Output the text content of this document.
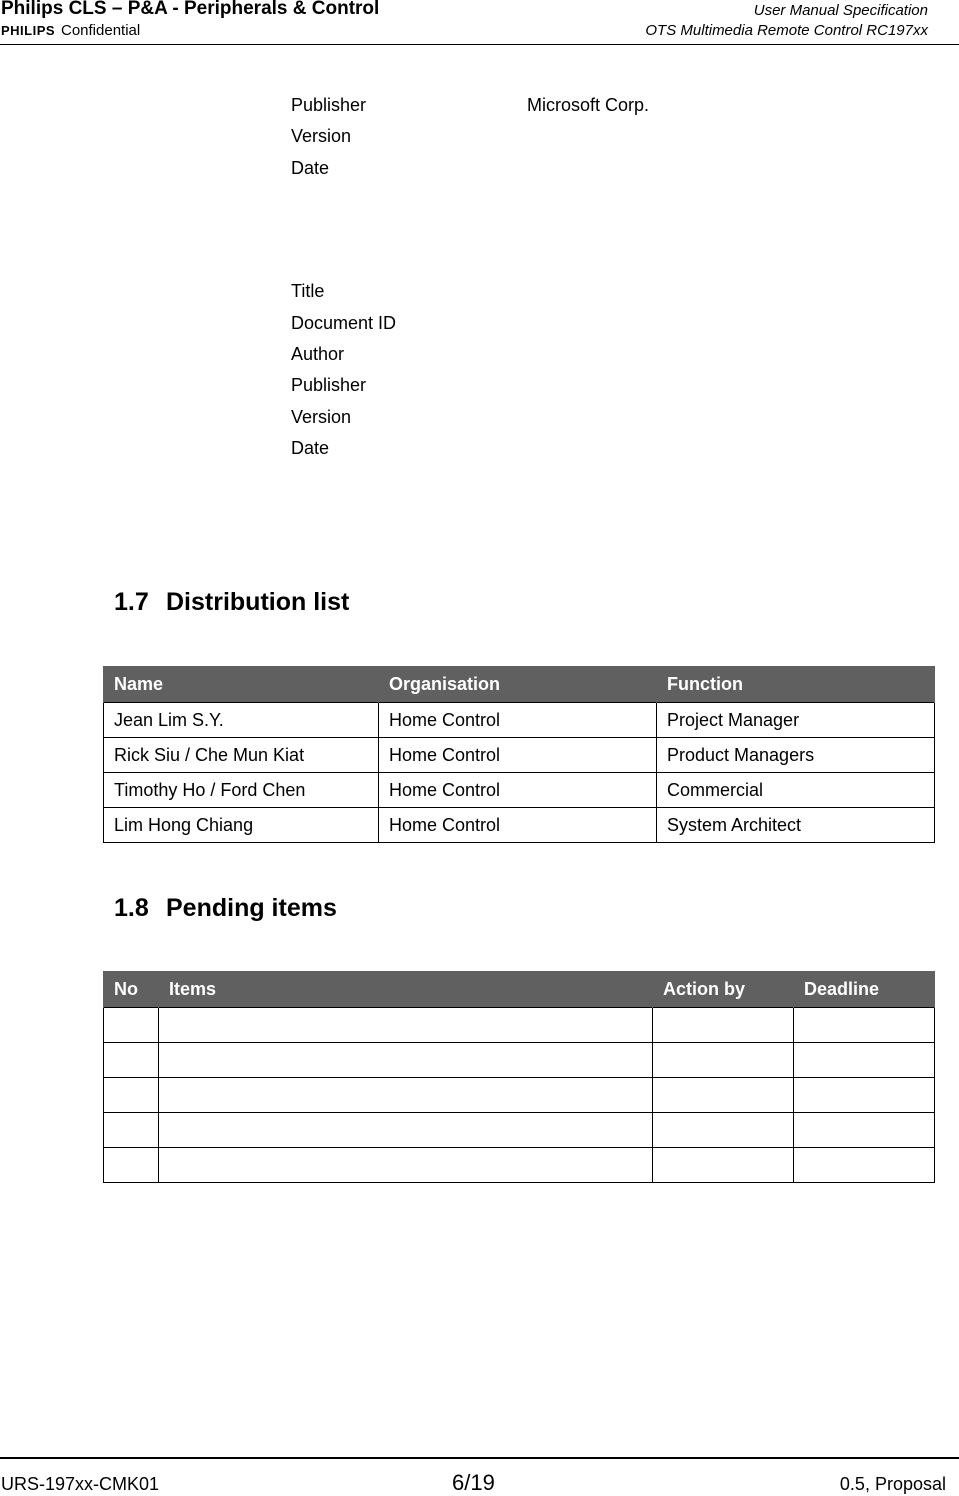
Philips CLS – P&A - Peripherals & Control
PHILIPS Confidential
User Manual Specification
OTS Multimedia Remote Control RC197xx
Publisher	Microsoft Corp.
Version
Date
Title
Document ID
Author
Publisher
Version
Date
1.7 Distribution list
Name	Organisation	Function
Jean Lim S.Y.	Home Control	Project Manager
Rick Siu / Che Mun Kiat	Home Control	Product Managers
Timothy Ho / Ford Chen	Home Control	Commercial
Lim Hong Chiang	Home Control	System Architect
1.8 Pending items
No	Items	Action by	Deadline

URS-197xx-CMK01	6/19	0.5, Proposal
